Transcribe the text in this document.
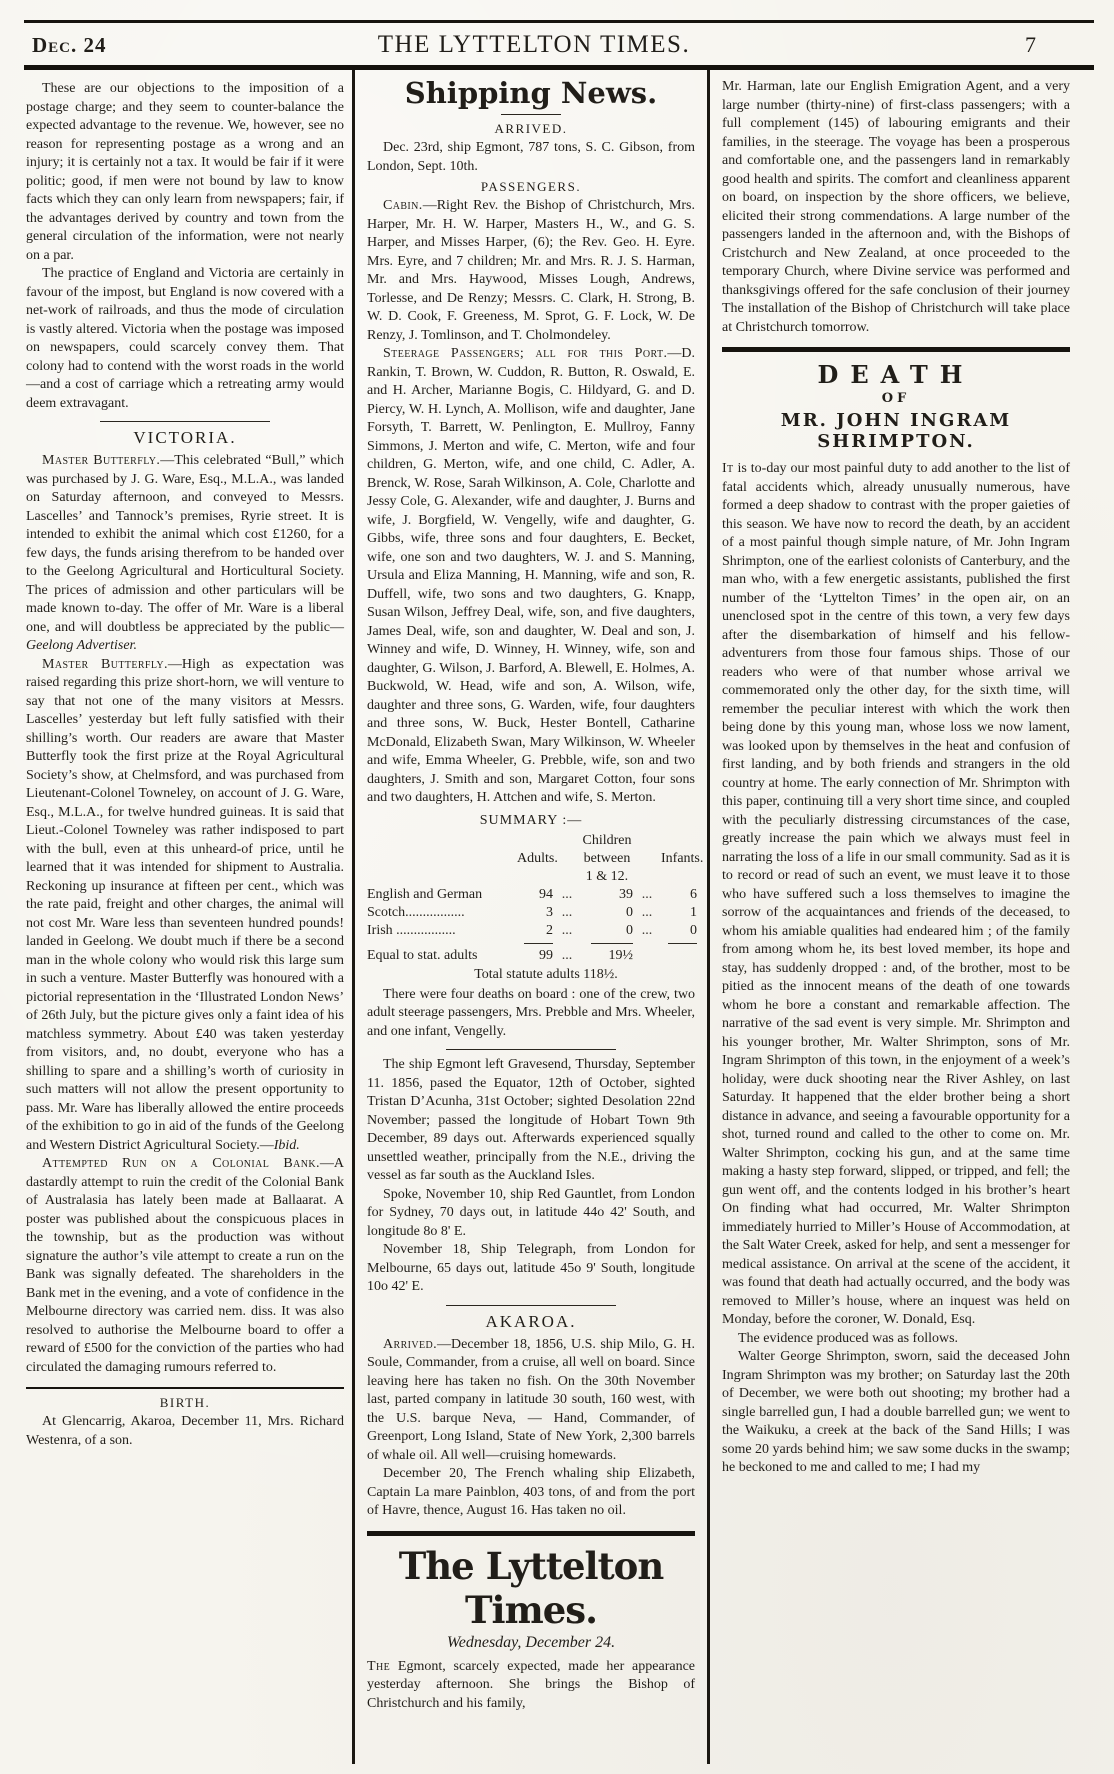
Dec. 24	THE LYTTELTON TIMES.	7

These are our objections to the imposition of a postage charge; and they seem to counter-balance the expected advantage to the revenue. We, however, see no reason for representing postage as a wrong and an injury; it is certainly not a tax. It would be fair if it were politic; good, if men were not bound by law to know facts which they can only learn from newspapers; fair, if the advantages derived by country and town from the general circulation of the information, were not nearly on a par.

The practice of England and Victoria are certainly in favour of the impost, but England is now covered with a net-work of railroads, and thus the mode of circulation is vastly altered. Victoria when the postage was imposed on newspapers, could scarcely convey them. That colony had to contend with the worst roads in the world—and a cost of carriage which a retreating army would deem extravagant.

VICTORIA.

Master Butterfly.—This celebrated “Bull,” which was purchased by J. G. Ware, Esq., M.L.A., was landed on Saturday afternoon, and conveyed to Messrs. Lascelles’ and Tannock’s premises, Ryrie street. It is intended to exhibit the animal which cost £1260, for a few days, the funds arising therefrom to be handed over to the Geelong Agricultural and Horticultural Society. The prices of admission and other particulars will be made known to-day. The offer of Mr. Ware is a liberal one, and will doubtless be appreciated by the public—Geelong Advertiser.

Master Butterfly.—High as expectation was raised regarding this prize short-horn, we will venture to say that not one of the many visitors at Messrs. Lascelles’ yesterday but left fully satisfied with their shilling’s worth. Our readers are aware that Master Butterfly took the first prize at the Royal Agricultural Society’s show, at Chelmsford, and was purchased from Lieutenant-Colonel Towneley, on account of J. G. Ware, Esq., M.L.A., for twelve hundred guineas. It is said that Lieut.-Colonel Towneley was rather indisposed to part with the bull, even at this unheard-of price, until he learned that it was intended for shipment to Australia. Reckoning up insurance at fifteen per cent., which was the rate paid, freight and other charges, the animal will not cost Mr. Ware less than seventeen hundred pounds! landed in Geelong. We doubt much if there be a second man in the whole colony who would risk this large sum in such a venture. Master Butterfly was honoured with a pictorial representation in the ‘Illustrated London News’ of 26th July, but the picture gives only a faint idea of his matchless symmetry. About £40 was taken yesterday from visitors, and, no doubt, everyone who has a shilling to spare and a shilling’s worth of curiosity in such matters will not allow the present opportunity to pass. Mr. Ware has liberally allowed the entire proceeds of the exhibition to go in aid of the funds of the Geelong and Western District Agricultural Society.—Ibid.

Attempted Run on a Colonial Bank.—A dastardly attempt to ruin the credit of the Colonial Bank of Australasia has lately been made at Ballaarat. A poster was published about the conspicuous places in the township, but as the production was without signature the author’s vile attempt to create a run on the Bank was signally defeated. The shareholders in the Bank met in the evening, and a vote of confidence in the Melbourne directory was carried nem. diss. It was also resolved to authorise the Melbourne board to offer a reward of £500 for the conviction of the parties who had circulated the damaging rumours referred to.

BIRTH.

At Glencarrig, Akaroa, December 11, Mrs. Richard Westenra, of a son.

Shipping News.
ARRIVED.

Dec. 23rd, ship Egmont, 787 tons, S. C. Gibson, from London, Sept. 10th.

PASSENGERS.

Cabin.—Right Rev. the Bishop of Christchurch, Mrs. Harper, Mr. H. W. Harper, Masters H., W., and G. S. Harper, and Misses Harper, (6); the Rev. Geo. H. Eyre. Mrs. Eyre, and 7 children; Mr. and Mrs. R. J. S. Harman, Mr. and Mrs. Haywood, Misses Lough, Andrews, Torlesse, and De Renzy; Messrs. C. Clark, H. Strong, B. W. D. Cook, F. Greeness, M. Sprot, G. F. Lock, W. De Renzy, J. Tomlinson, and T. Cholmondeley.

Steerage Passengers; all for this Port.—D. Rankin, T. Brown, W. Cuddon, R. Button, R. Oswald, E. and H. Archer, Marianne Bogis, C. Hildyard, G. and D. Piercy, W. H. Lynch, A. Mollison, wife and daughter, Jane Forsyth, T. Barrett, W. Penlington, E. Mullroy, Fanny Simmons, J. Merton and wife, C. Merton, wife and four children, G. Merton, wife, and one child, C. Adler, A. Brenck, W. Rose, Sarah Wilkinson, A. Cole, Charlotte and Jessy Cole, G. Alexander, wife and daughter, J. Burns and wife, J. Borgfield, W. Vengelly, wife and daughter, G. Gibbs, wife, three sons and four daughters, E. Becket, wife, one son and two daughters, W. J. and S. Manning, Ursula and Eliza Manning, H. Manning, wife and son, R. Duffell, wife, two sons and two daughters, G. Knapp, Susan Wilson, Jeffrey Deal, wife, son, and five daughters, James Deal, wife, son and daughter, W. Deal and son, J. Winney and wife, D. Winney, H. Winney, wife, son and daughter, G. Wilson, J. Barford, A. Blewell, E. Holmes, A. Buckwold, W. Head, wife and son, A. Wilson, wife, daughter and three sons, G. Warden, wife, four daughters and three sons, W. Buck, Hester Bontell, Catharine McDonald, Elizabeth Swan, Mary Wilkinson, W. Wheeler and wife, Emma Wheeler, G. Prebble, wife, son and two daughters, J. Smith and son, Margaret Cotton, four sons and two daughters, H. Attchen and wife, S. Merton.

SUMMARY :—
Children
Adults. between Infants.
1 & 12.
English and German	94 ...	39 ...	6
Scotch.................	3 ...	0 ...	1
Irish .................	2 ...	0 ...	0
Equal to stat. adults	99 ...	19½
Total statute adults 118½.

There were four deaths on board : one of the crew, two adult steerage passengers, Mrs. Prebble and Mrs. Wheeler, and one infant, Vengelly.

The ship Egmont left Gravesend, Thursday, September 11. 1856, pased the Equator, 12th of October, sighted Tristan D’Acunha, 31st October; sighted Desolation 22nd November; passed the longitude of Hobart Town 9th December, 89 days out. Afterwards experienced squally unsettled weather, principally from the N.E., driving the vessel as far south as the Auckland Isles.

Spoke, November 10, ship Red Gauntlet, from London for Sydney, 70 days out, in latitude 44o 42' South, and longitude 8o 8' E.

November 18, Ship Telegraph, from London for Melbourne, 65 days out, latitude 45o 9' South, longitude 10o 42' E.

AKAROA.

Arrived.—December 18, 1856, U.S. ship Milo, G. H. Soule, Commander, from a cruise, all well on board. Since leaving here has taken no fish. On the 30th November last, parted company in latitude 30 south, 160 west, with the U.S. barque Neva, — Hand, Commander, of Greenport, Long Island, State of New York, 2,300 barrels of whale oil. All well—cruising homewards.

December 20, The French whaling ship Elizabeth, Captain La mare Painblon, 403 tons, of and from the port of Havre, thence, August 16. Has taken no oil.

The Lyttelton Times.
Wednesday, December 24.

The Egmont, scarcely expected, made her appearance yesterday afternoon. She brings the Bishop of Christchurch and his family,

Mr. Harman, late our English Emigration Agent, and a very large number (thirty-nine) of first-class passengers; with a full complement (145) of labouring emigrants and their families, in the steerage. The voyage has been a prosperous and comfortable one, and the passengers land in remarkably good health and spirits. The comfort and cleanliness apparent on board, on inspection by the shore officers, we believe, elicited their strong commendations. A large number of the passengers landed in the afternoon and, with the Bishops of Cristchurch and New Zealand, at once proceeded to the temporary Church, where Divine service was performed and thanksgivings offered for the safe conclusion of their journey The installation of the Bishop of Christchurch will take place at Christchurch tomorrow.

DEATH
OF
MR. JOHN INGRAM SHRIMPTON.

It is to-day our most painful duty to add another to the list of fatal accidents which, already unusually numerous, have formed a deep shadow to contrast with the proper gaieties of this season. We have now to record the death, by an accident of a most painful though simple nature, of Mr. John Ingram Shrimpton, one of the earliest colonists of Canterbury, and the man who, with a few energetic assistants, published the first number of the ‘Lyttelton Times’ in the open air, on an unenclosed spot in the centre of this town, a very few days after the disembarkation of himself and his fellow-adventurers from those four famous ships. Those of our readers who were of that number whose arrival we commemorated only the other day, for the sixth time, will remember the peculiar interest with which the work then being done by this young man, whose loss we now lament, was looked upon by themselves in the heat and confusion of first landing, and by both friends and strangers in the old country at home. The early connection of Mr. Shrimpton with this paper, continuing till a very short time since, and coupled with the peculiarly distressing circumstances of the case, greatly increase the pain which we always must feel in narrating the loss of a life in our small community. Sad as it is to record or read of such an event, we must leave it to those who have suffered such a loss themselves to imagine the sorrow of the acquaintances and friends of the deceased, to whom his amiable qualities had endeared him ; of the family from among whom he, its best loved member, its hope and stay, has suddenly dropped : and, of the brother, most to be pitied as the innocent means of the death of one towards whom he bore a constant and remarkable affection. The narrative of the sad event is very simple. Mr. Shrimpton and his younger brother, Mr. Walter Shrimpton, sons of Mr. Ingram Shrimpton of this town, in the enjoyment of a week’s holiday, were duck shooting near the River Ashley, on last Saturday. It happened that the elder brother being a short distance in advance, and seeing a favourable opportunity for a shot, turned round and called to the other to come on. Mr. Walter Shrimpton, cocking his gun, and at the same time making a hasty step forward, slipped, or tripped, and fell; the gun went off, and the contents lodged in his brother’s heart On finding what had occurred, Mr. Walter Shrimpton immediately hurried to Miller’s House of Accommodation, at the Salt Water Creek, asked for help, and sent a messenger for medical assistance. On arrival at the scene of the accident, it was found that death had actually occurred, and the body was removed to Miller’s house, where an inquest was held on Monday, before the coroner, W. Donald, Esq.

The evidence produced was as follows.

Walter George Shrimpton, sworn, said the deceased John Ingram Shrimpton was my brother; on Saturday last the 20th of December, we were both out shooting; my brother had a single barrelled gun, I had a double barrelled gun; we went to the Waikuku, a creek at the back of the Sand Hills; I was some 20 yards behind him; we saw some ducks in the swamp; he beckoned to me and called to me; I had my
